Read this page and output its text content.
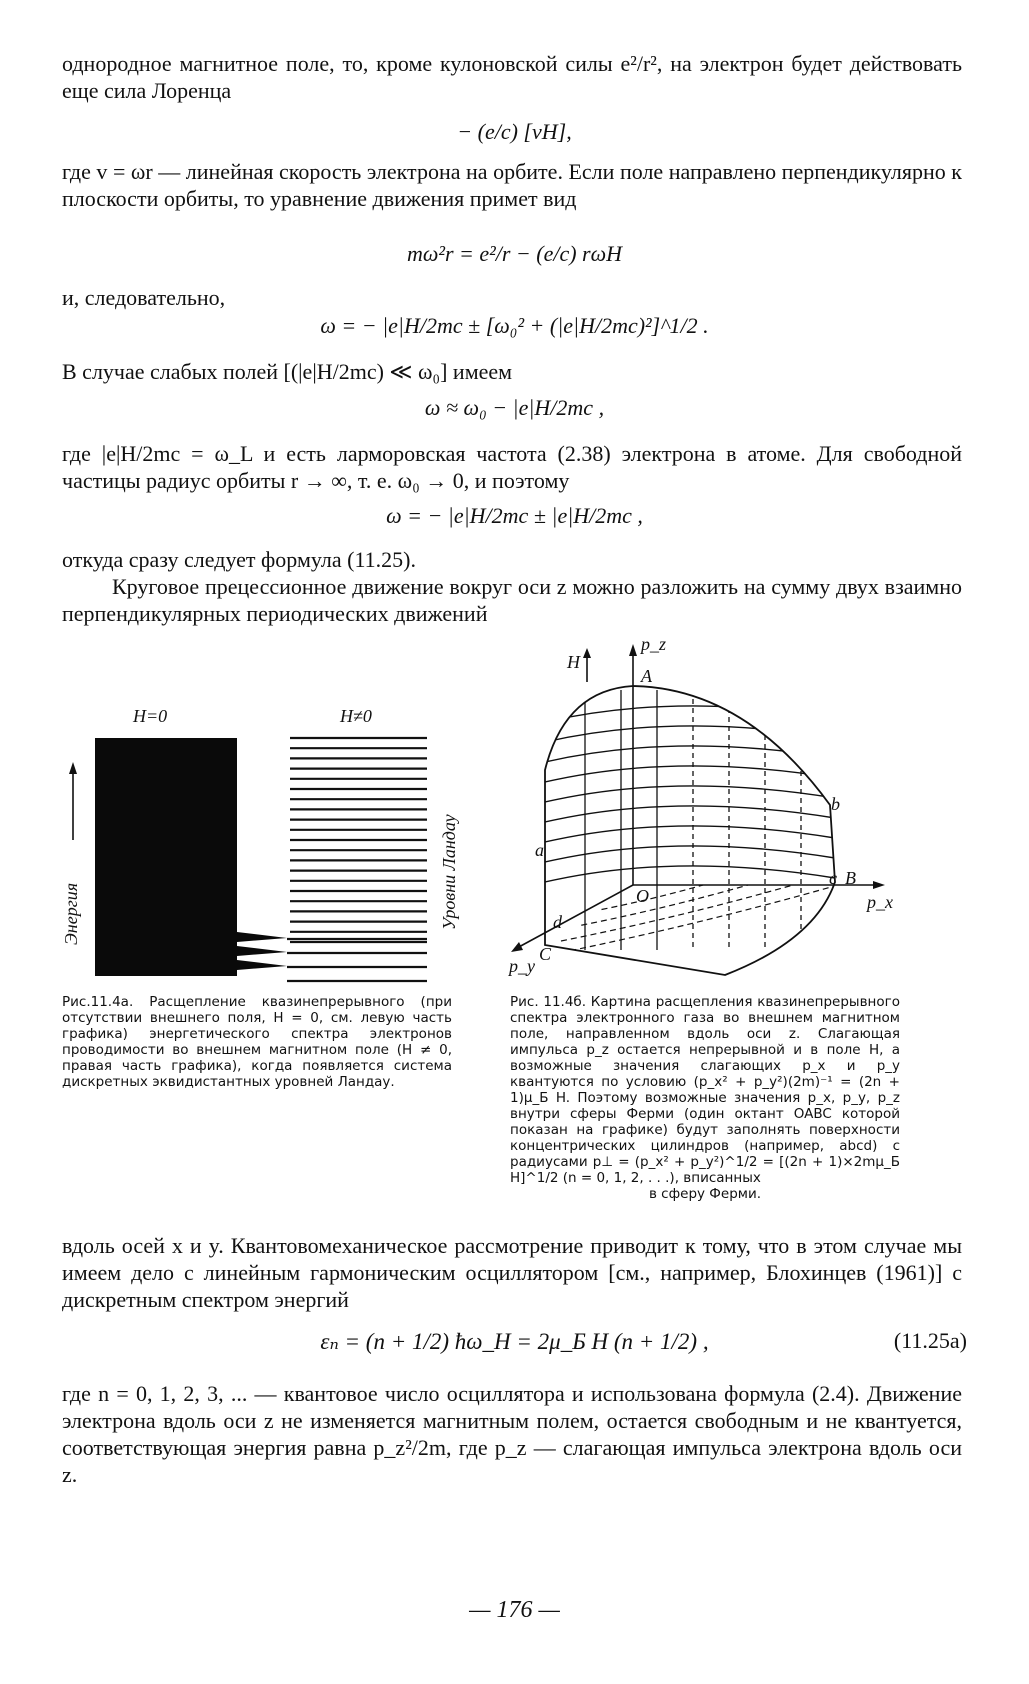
однородное магнитное поле, то, кроме кулоновской силы e²/r², на электрон будет действовать еще сила Лоренца
− (e/c) [vH],
где v = ωr — линейная скорость электрона на орбите. Если поле направлено перпендикулярно к плоскости орбиты, то уравнение движения примет вид
mω²r = e²/r − (e/c) rωH
и, следовательно,
ω = − |e|H/2mc ± [ω₀² + (|e|H/2mc)²]^1/2 .
В случае слабых полей [(|e|H/2mc) ≪ ω₀] имеем
ω ≈ ω₀ − |e|H/2mc ,
где |e|H/2mc = ω_L и есть ларморовская частота (2.38) электрона в атоме. Для свободной частицы радиус орбиты r → ∞, т. е. ω₀ → 0, и поэтому
ω = − |e|H/2mc ± |e|H/2mc ,
откуда сразу следует формула (11.25).
Круговое прецессионное движение вокруг оси z можно разложить на сумму двух взаимно перпендикулярных периодических движений
H=0	H≠0
Энергия	Уровни Ландау
Рис.11.4а. Расщепление квазинепрерывного (при отсутствии внешнего поля, H = 0, см. левую часть графика) энергетического спектра электронов проводимости во внешнем магнитном поле (H ≠ 0, правая часть графика), когда появляется система дискретных эквидистантных уровней Ландау.
H
p_z
p_x
p_y
A
B
C
O
a
b
c
d
Рис. 11.4б. Картина расщепления квазинепрерывного спектра электронного газа во внешнем магнитном поле, направленном вдоль оси z. Слагающая импульса p_z остается непрерывной и в поле H, а возможные значения слагающих p_x и p_y квантуются по условию (p_x² + p_y²)(2m)⁻¹ = (2n + 1)μ_Б H. Поэтому возможные значения p_x, p_y, p_z внутри сферы Ферми (один октант OABC которой показан на графике) будут заполнять поверхности концентрических цилиндров (например, abcd) с радиусами p⊥ = (p_x² + p_y²)^1/2 = [(2n + 1)×2mμ_Б H]^1/2 (n = 0, 1, 2, . . .), вписанных
в сферу Ферми.
вдоль осей x и y. Квантовомеханическое рассмотрение приводит к тому, что в этом случае мы имеем дело с линейным гармоническим осциллятором [см., например, Блохинцев (1961)] с дискретным спектром энергий
εₙ = (n + 1/2) ħω_H = 2μ_Б H (n + 1/2) ,	(11.25а)
где n = 0, 1, 2, 3, ... — квантовое число осциллятора и использована формула (2.4). Движение электрона вдоль оси z не изменяется магнитным полем, остается свободным и не квантуется, соответствующая энергия равна p_z²/2m, где p_z — слагающая импульса электрона вдоль оси z.
— 176 —
